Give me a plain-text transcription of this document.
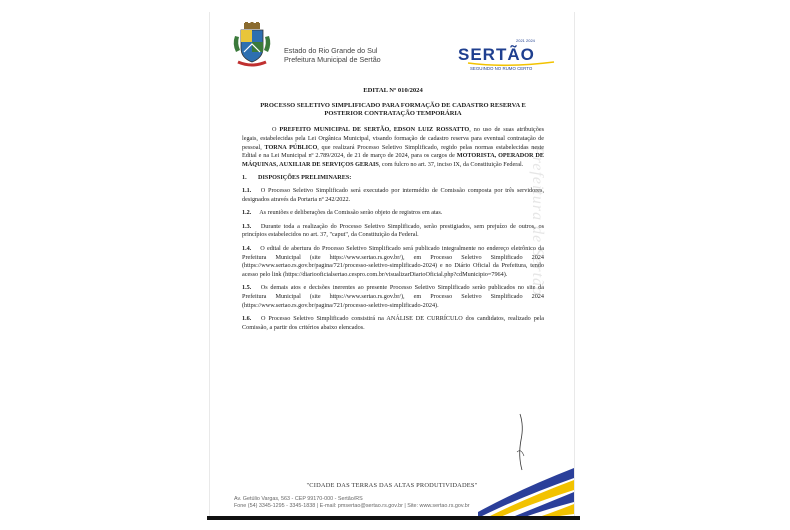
Prefeitura de Sertão
Estado do Rio Grande do Sul
Prefeitura Municipal de Sertão
2021 2024
SERTÃO
SEGUINDO NO RUMO CERTO
EDITAL Nº 010/2024
PROCESSO SELETIVO SIMPLIFICADO PARA FORMAÇÃO DE CADASTRO RESERVA E POSTERIOR CONTRATAÇÃO TEMPORÁRIA

O PREFEITO MUNICIPAL DE SERTÃO, EDSON LUIZ ROSSATTO, no uso de suas atribuições legais, estabelecidas pela Lei Orgânica Municipal, visando formação de cadastro reserva para eventual contratação de pessoal, TORNA PÚBLICO, que realizará Processo Seletivo Simplificado, regido pelas normas estabelecidas neste Edital e na Lei Municipal nº 2.789/2024, de 21 de março de 2024, para os cargos de MOTORISTA, OPERADOR DE MÁQUINAS, AUXILIAR DE SERVIÇOS GERAIS, com fulcro no art. 37, inciso IX, da Constituição Federal.

1. DISPOSIÇÕES PRELIMINARES:

1.1. O Processo Seletivo Simplificado será executado por intermédio de Comissão composta por três servidores, designados através da Portaria nº 242/2022.

1.2. As reuniões e deliberações da Comissão serão objeto de registros em atas.

1.3. Durante toda a realização do Processo Seletivo Simplificado, serão prestigiados, sem prejuízo de outros, os princípios estabelecidos no art. 37, "caput", da Constituição da Federal.

1.4. O edital de abertura do Processo Seletivo Simplificado será publicado integralmente no endereço eletrônico da Prefeitura Municipal (site https://www.sertao.rs.gov.br/), em Processo Seletivo Simplificado 2024 (https://www.sertao.rs.gov.br/pagina/721/processo-seletivo-simplificado-2024) e no Diário Oficial da Prefeitura, tendo acesso pelo link (https://diariooficialsertao.cespro.com.br/visualizarDiarioOficial.php?cdMunicipio=7964).

1.5. Os demais atos e decisões inerentes ao presente Processo Seletivo Simplificado serão publicados no site da Prefeitura Municipal (site https://www.sertao.rs.gov.br/), em Processo Seletivo Simplificado 2024 (https://www.sertao.rs.gov.br/pagina/721/processo-seletivo-simplificado-2024).

1.6. O Processo Seletivo Simplificado consistirá na ANÁLISE DE CURRÍCULO dos candidatos, realizado pela Comissão, a partir dos critérios abaixo elencados.

"CIDADE DAS TERRAS DAS ALTAS PRODUTIVIDADES"
Av. Getúlio Vargas, 563 - CEP 99170-000 - Sertão/RS
Fone (54) 3345-1295 - 3345-1838 | E-mail: pmsertao@sertao.rs.gov.br | Site: www.sertao.rs.gov.br
